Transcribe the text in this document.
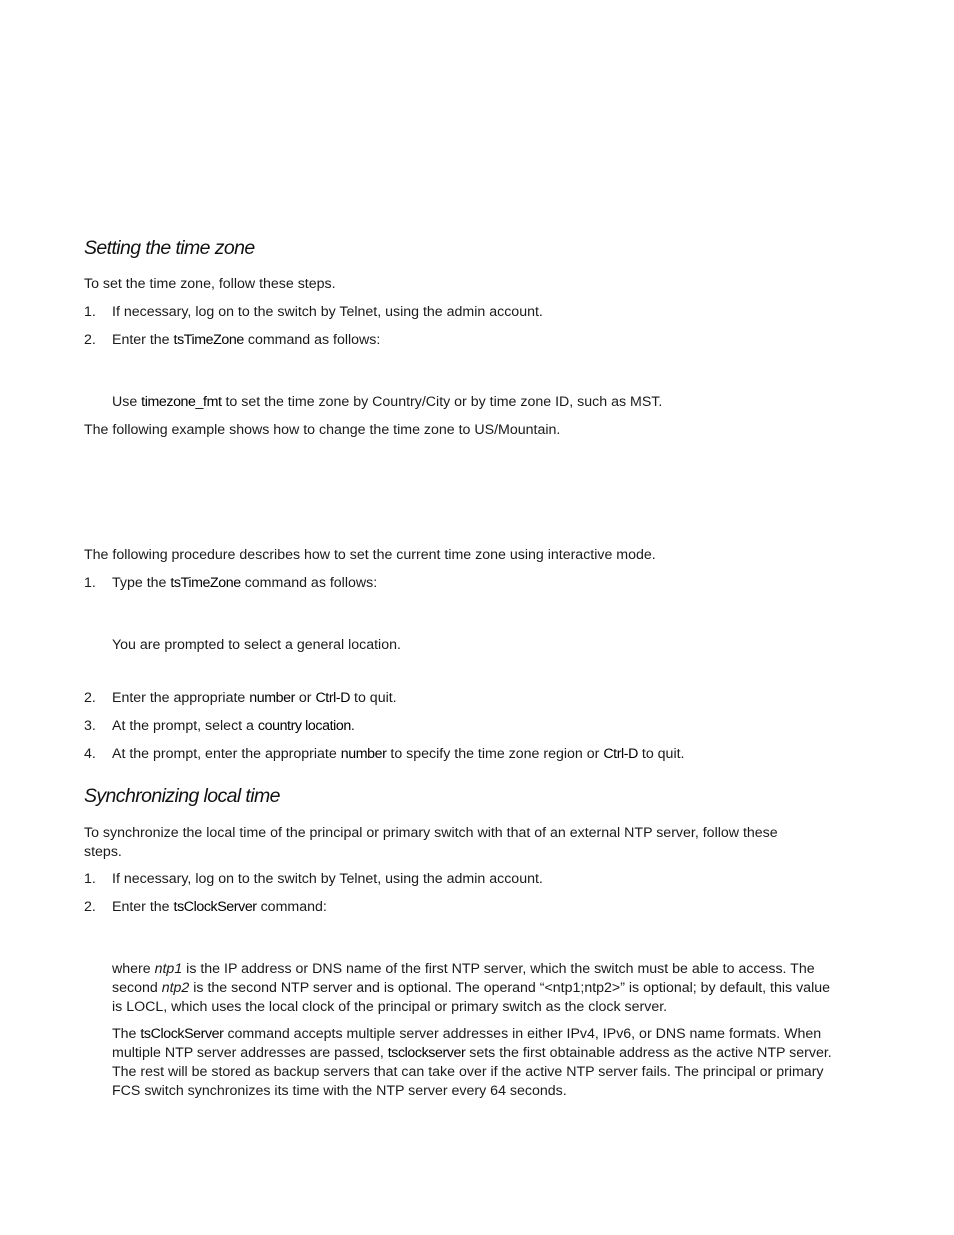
Setting the time zone
To set the time zone, follow these steps.
1. If necessary, log on to the switch by Telnet, using the admin account.
2. Enter the tsTimeZone command as follows:
Use timezone_fmt to set the time zone by Country/City or by time zone ID, such as MST.
The following example shows how to change the time zone to US/Mountain.
The following procedure describes how to set the current time zone using interactive mode.
1. Type the tsTimeZone command as follows:
You are prompted to select a general location.
2. Enter the appropriate number or Ctrl-D to quit.
3. At the prompt, select a country location.
4. At the prompt, enter the appropriate number to specify the time zone region or Ctrl-D to quit.
Synchronizing local time
To synchronize the local time of the principal or primary switch with that of an external NTP server, follow these steps.
1. If necessary, log on to the switch by Telnet, using the admin account.
2. Enter the tsClockServer command:
where ntp1 is the IP address or DNS name of the first NTP server, which the switch must be able to access. The second ntp2 is the second NTP server and is optional. The operand “<ntp1;ntp2>” is optional; by default, this value is LOCL, which uses the local clock of the principal or primary switch as the clock server.
The tsClockServer command accepts multiple server addresses in either IPv4, IPv6, or DNS name formats. When multiple NTP server addresses are passed, tsclockserver sets the first obtainable address as the active NTP server. The rest will be stored as backup servers that can take over if the active NTP server fails. The principal or primary FCS switch synchronizes its time with the NTP server every 64 seconds.
